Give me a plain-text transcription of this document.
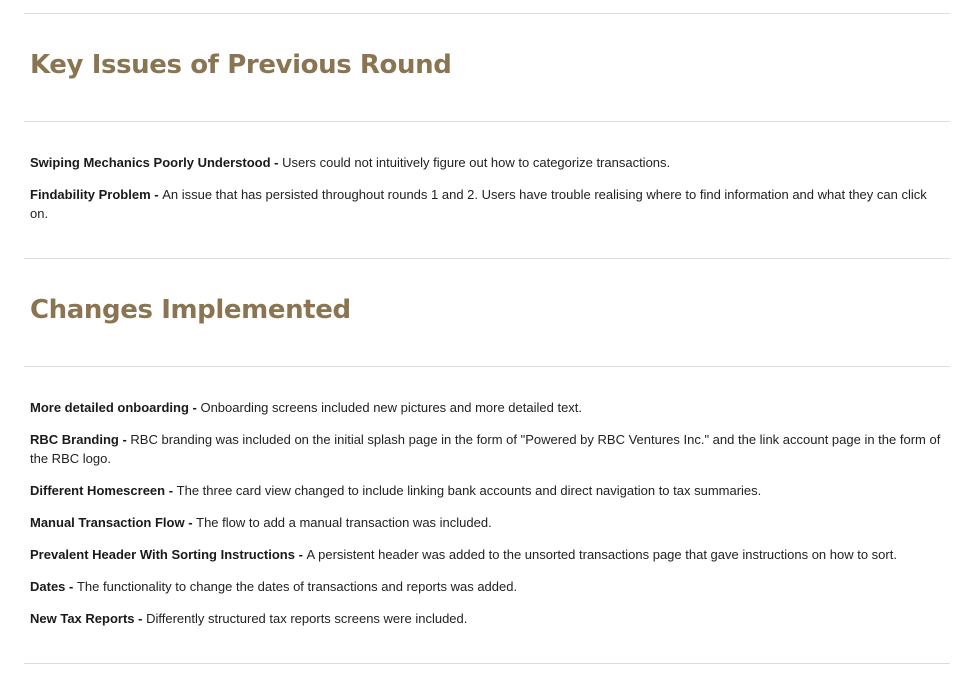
Key Issues of Previous Round

Swiping Mechanics Poorly Understood - Users could not intuitively figure out how to categorize transactions.

Findability Problem - An issue that has persisted throughout rounds 1 and 2. Users have trouble realising where to find information and what they can click on.

Changes Implemented

More detailed onboarding - Onboarding screens included new pictures and more detailed text.

RBC Branding - RBC branding was included on the initial splash page in the form of "Powered by RBC Ventures Inc." and the link account page in the form of the RBC logo.

Different Homescreen - The three card view changed to include linking bank accounts and direct navigation to tax summaries.

Manual Transaction Flow - The flow to add a manual transaction was included.

Prevalent Header With Sorting Instructions - A persistent header was added to the unsorted transactions page that gave instructions on how to sort.

Dates - The functionality to change the dates of transactions and reports was added.

New Tax Reports - Differently structured tax reports screens were included.
